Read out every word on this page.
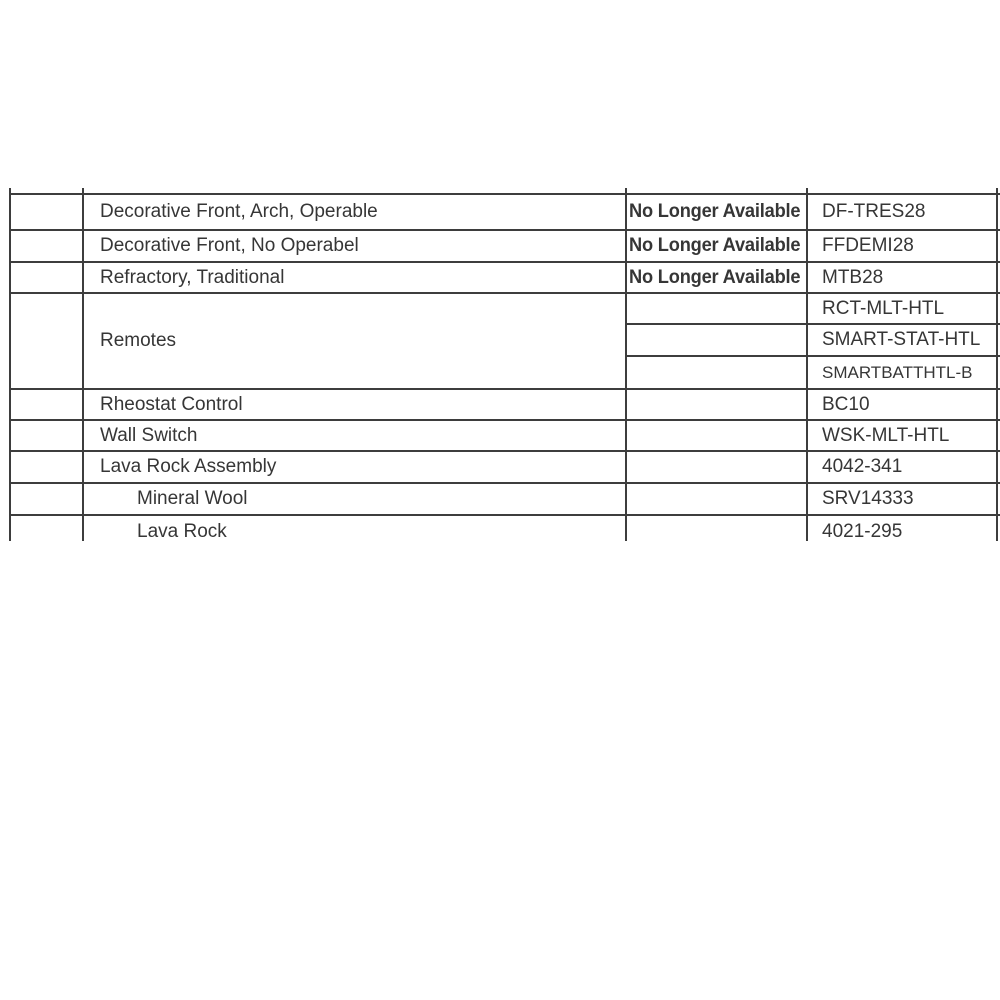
	Decorative Front, Arch, Operable	No Longer Available	DF-TRES28	
	Decorative Front, No Operabel	No Longer Available	FFDEMI28	
	Refractory, Traditional	No Longer Available	MTB28	
	Remotes		RCT-MLT-HTL	
			SMART-STAT-HTL	
			SMARTBATTHTL-B	
	Rheostat Control		BC10	
	Wall Switch		WSK-MLT-HTL	
	Lava Rock Assembly		4042-341	
	Mineral Wool		SRV14333	
	Lava Rock		4021-295	
